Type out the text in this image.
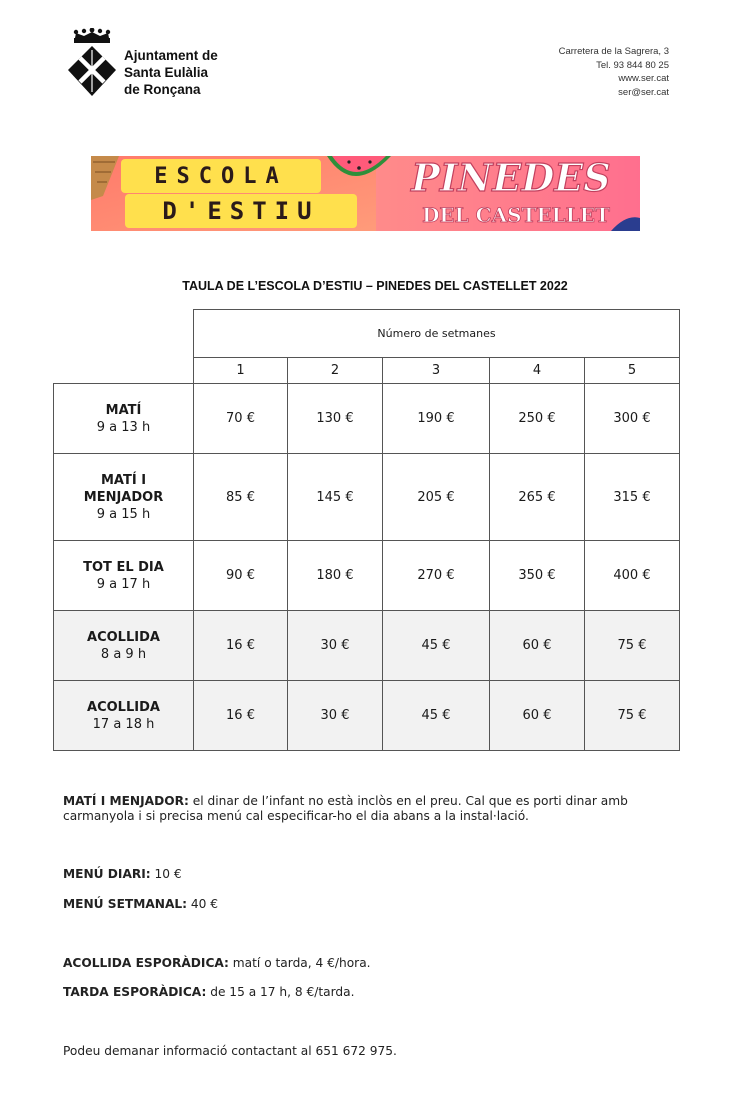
Ajuntament de
Santa Eulàlia
de Ronçana
Carretera de la Sagrera, 3
Tel. 93 844 80 25
www.ser.cat
ser@ser.cat
ESCOLA
D'ESTIU
PINEDES
DEL CASTELLET
TAULA DE L’ESCOLA D’ESTIU – PINEDES DEL CASTELLET 2022
	Número de setmanes				
	1	2	3	4	5

MATÍ
9 a 13 h	70 €	130 €	190 €	250 €	300 €

MATÍ I
MENJADOR
9 a 15 h	85 €	145 €	205 €	265 €	315 €

TOT EL DIA
9 a 17 h	90 €	180 €	270 €	350 €	400 €

ACOLLIDA
8 a 9 h	16 €	30 €	45 €	60 €	75 €

ACOLLIDA
17 a 18 h	16 €	30 €	45 €	60 €	75 €
MATÍ I MENJADOR: el dinar de l’infant no està inclòs en el preu. Cal que es porti dinar amb carmanyola i si precisa menú cal especificar-ho el dia abans a la instal·lació.
MENÚ DIARI: 10 €
MENÚ SETMANAL: 40 €
ACOLLIDA ESPORÀDICA: matí o tarda, 4 €/hora.
TARDA ESPORÀDICA: de 15 a 17 h, 8 €/tarda.
Podeu demanar informació contactant al 651 672 975.
